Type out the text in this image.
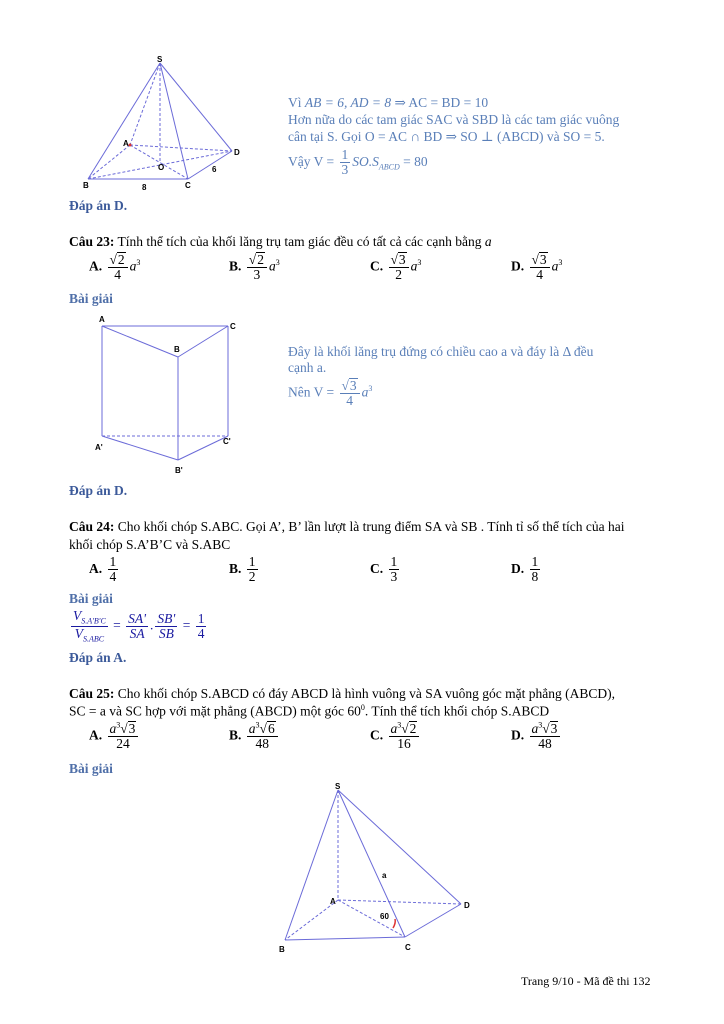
S
A
O
D
B	C
8
6
Vì AB = 6, AD = 8 ⇒ AC = BD = 10
Hơn nữa do các tam giác SAC và SBD là các tam giác vuông
cân tại S. Gọi O = AC ∩ BD ⇒ SO ⊥ (ABCD) và SO = 5.
Vậy $V = \frac{1}{3} SO.S_{ABCD} = 80$
Đáp án D.
Câu 23: Tính thể tích của khối lăng trụ tam giác đều có tất cả các cạnh bằng a
A. $\frac{√2}{4} a^3$	B. $\frac{√2}{3} a^3$	C. $\frac{√3}{2} a^3$	D. $\frac{√3}{4} a^3$
Bài giải
A
C
B
A'
C'
B'
Đây là khối lăng trụ đứng có chiều cao a và đáy là Δ đều
cạnh a.
Nên $V = \frac{√3}{4} a^3$
Đáp án D.
Câu 24: Cho khối chóp S.ABC. Gọi A’, B’ lần lượt là trung điểm SA và SB . Tính tỉ số thể tích của hai
khối chóp S.A’B’C và S.ABC
A. $\frac{1}{4}$	B. $\frac{1}{2}$	C. $\frac{1}{3}$	D. $\frac{1}{8}$
Bài giải
$\frac{V_{S.A'B'C}}{V_{S.ABC}} = \frac{SA'}{SA}$ . $\frac{SB'}{SB} = \frac{1}{4}$
Đáp án A.
Câu 25: Cho khối chóp S.ABCD có đáy ABCD là hình vuông và SA vuông góc mặt phẳng (ABCD),
SC = a và SC hợp với mặt phẳng (ABCD) một góc $60^0$. Tính thể tích khối chóp S.ABCD
A. $\frac{a^3√3}{24}$	B. $\frac{a^3√6}{48}$	C. $\frac{a^3√2}{16}$	D. $\frac{a^3√3}{48}$
Bài giải
S
A
B	C
D
a
60
Trang 9/10 - Mã đề thi 132
